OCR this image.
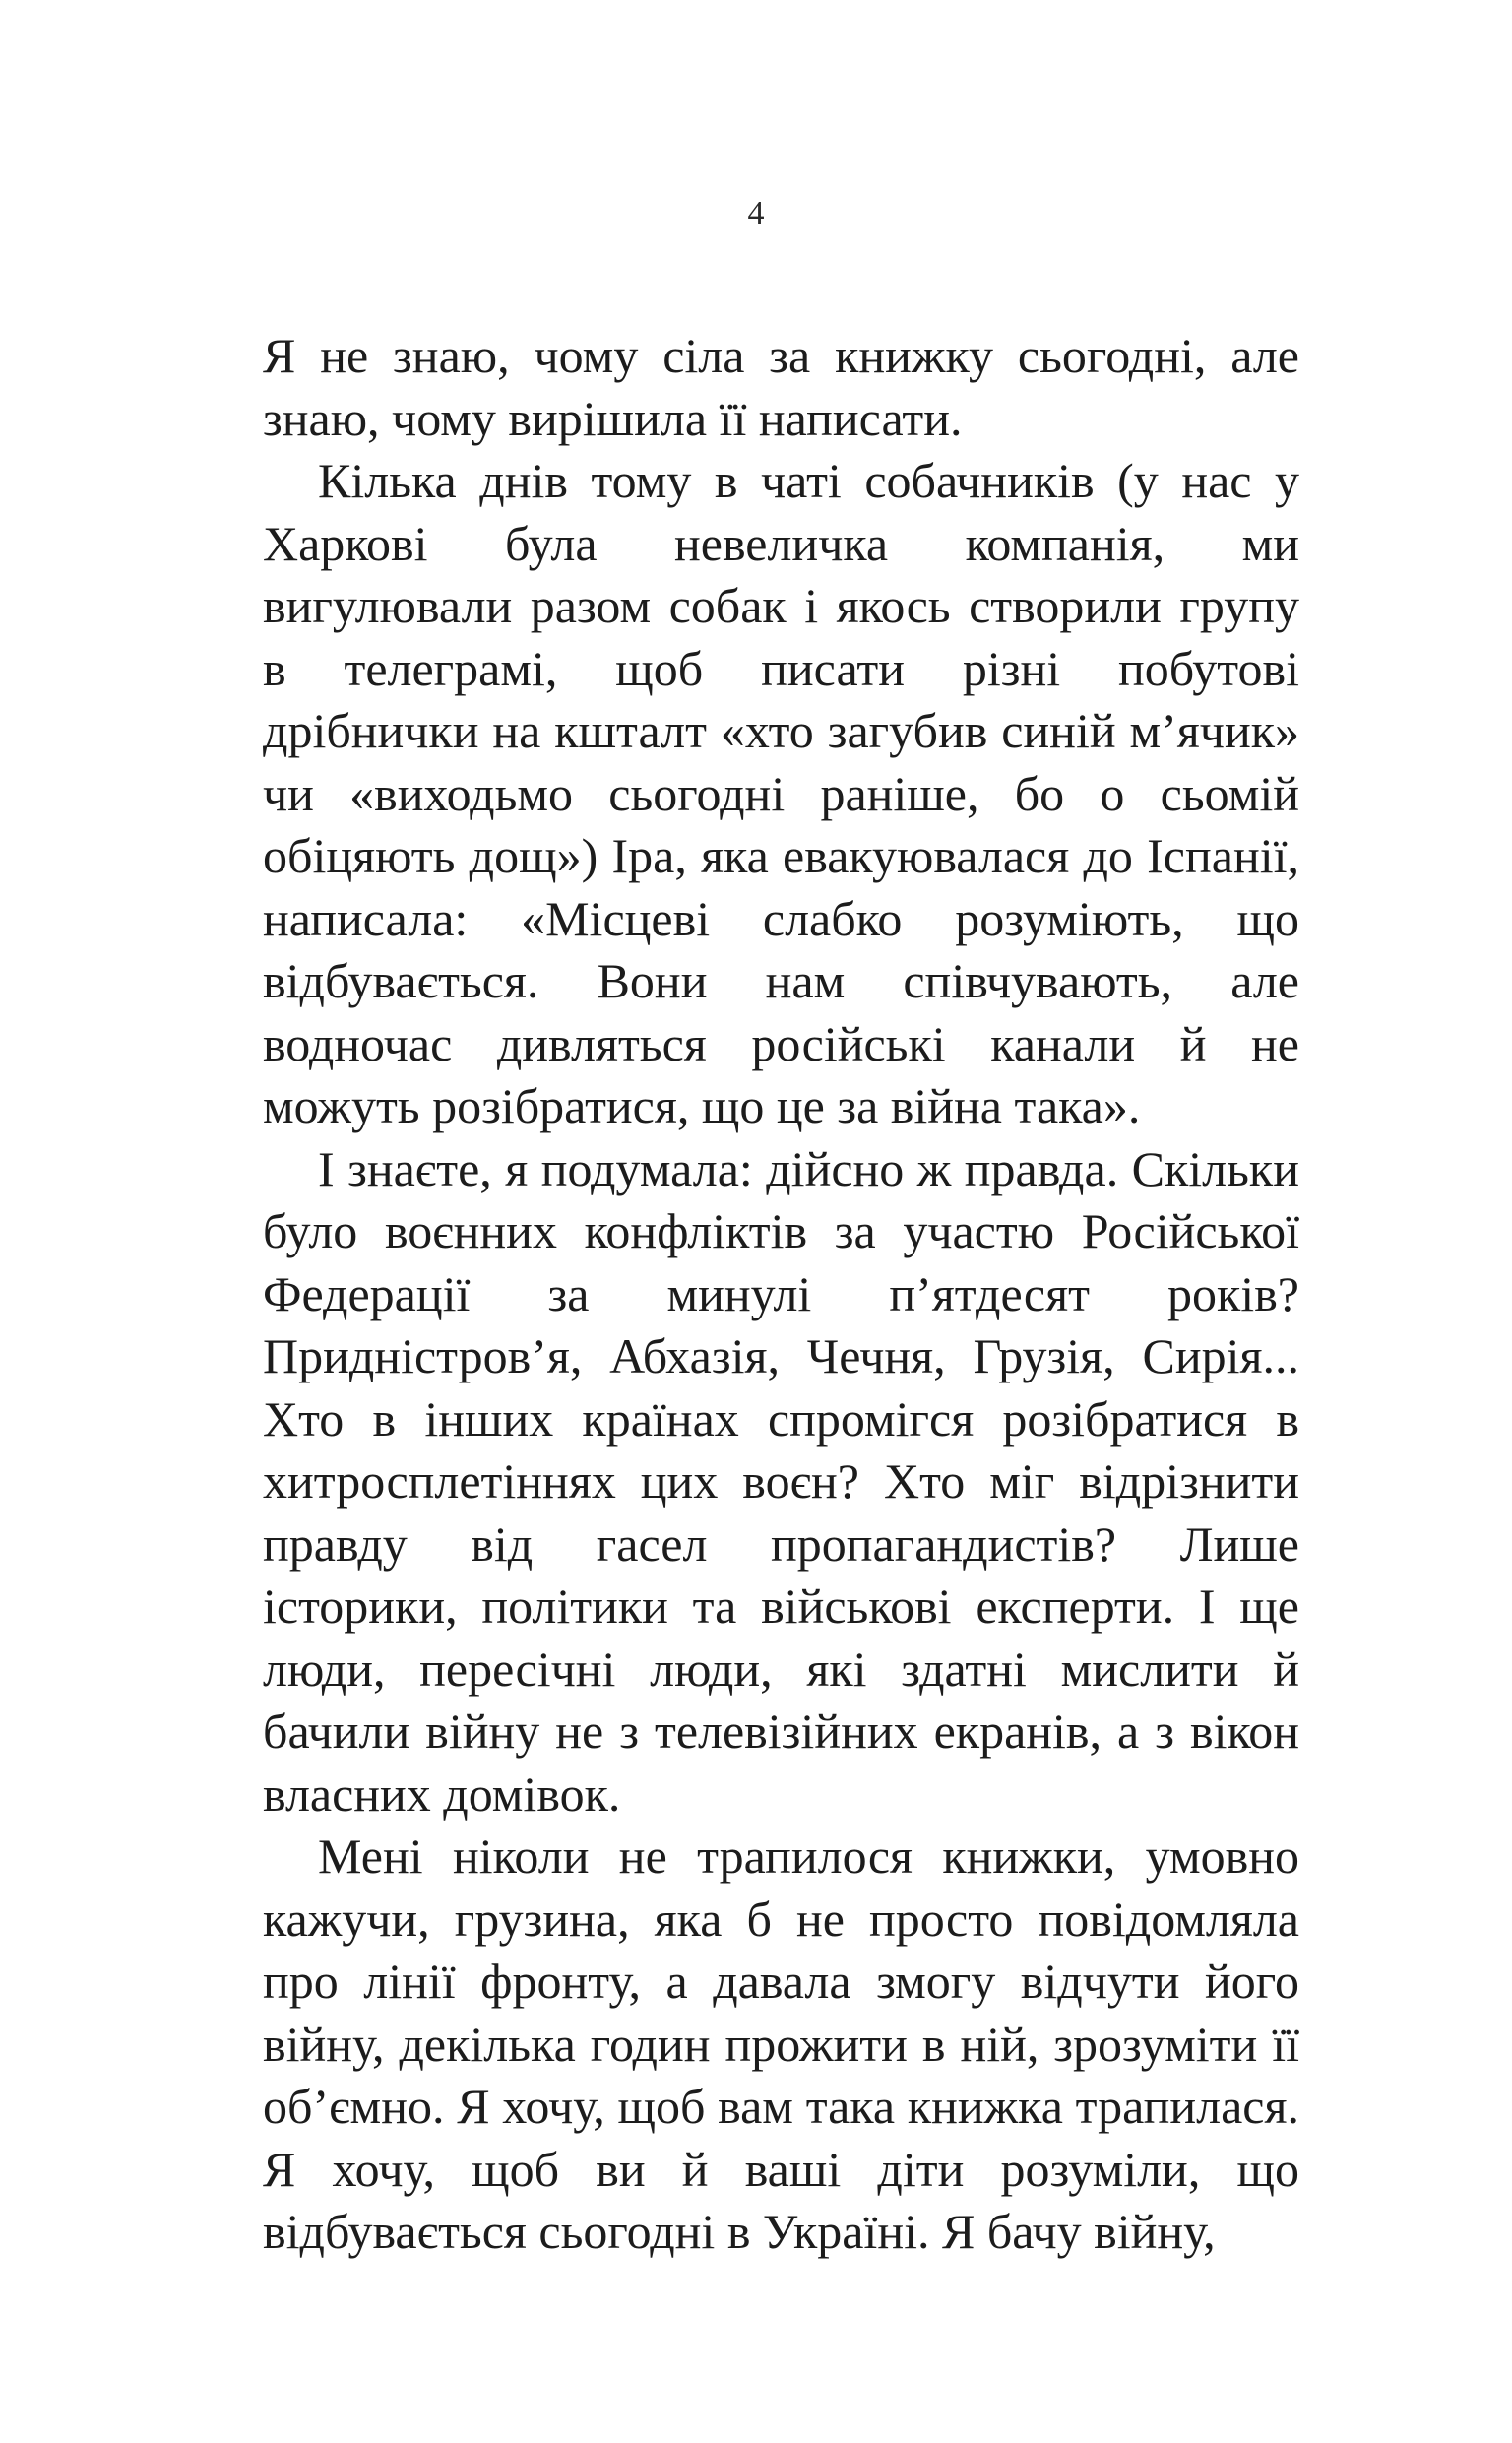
4

Я не знаю, чому сіла за книжку сьогодні, але знаю, чому вирішила її написати.

Кілька днів тому в чаті собачників (у нас у Харкові була невеличка компанія, ми вигулювали разом собак і якось створили групу в телеграмі, щоб писати різні побутові дрібнички на кшталт «хто загубив синій м’ячик» чи «виходьмо сьогодні раніше, бо о сьомій обіцяють дощ») Іра, яка евакуювалася до Іспанії, написала: «Місцеві слабко розуміють, що відбувається. Вони нам співчувають, але водночас дивляться російські канали й не можуть розібратися, що це за війна така».

І знаєте, я подумала: дійсно ж правда. Скільки було воєнних конфліктів за участю Російської Федерації за минулі п’ятдесят років? Придністров’я, Абхазія, Чечня, Грузія, Сирія... Хто в інших країнах спромігся розібратися в хитросплетіннях цих воєн? Хто міг відрізнити правду від гасел пропагандистів? Лише історики, політики та військові експерти. І ще люди, пересічні люди, які здатні мислити й бачили війну не з телевізійних екранів, а з вікон власних домівок.

Мені ніколи не трапилося книжки, умовно кажучи, грузина, яка б не просто повідомляла про лінії фронту, а давала змогу відчути його війну, декілька годин прожити в ній, зрозуміти її об’ємно. Я хочу, щоб вам така книжка трапилася. Я хочу, щоб ви й ваші діти розуміли, що відбувається сьогодні в Україні. Я бачу війну,
